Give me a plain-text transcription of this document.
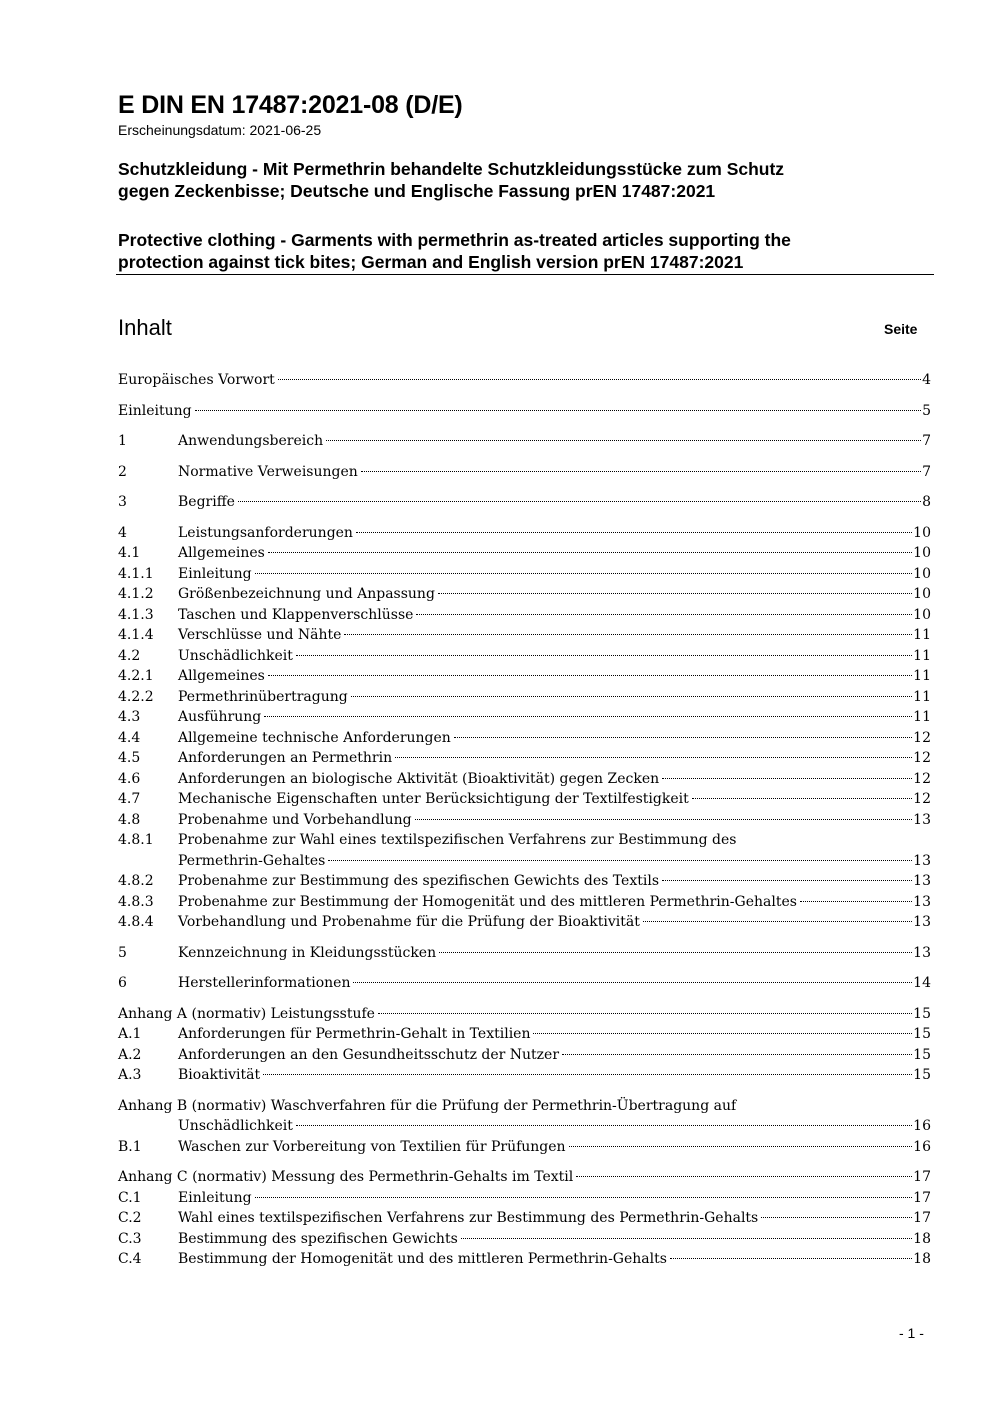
E DIN EN 17487:2021-08 (D/E)
Erscheinungsdatum: 2021-06-25
Schutzkleidung - Mit Permethrin behandelte Schutzkleidungsstücke zum Schutz
gegen Zeckenbisse; Deutsche und Englische Fassung prEN 17487:2021
Protective clothing - Garments with permethrin as-treated articles supporting the
protection against tick bites; German and English version prEN 17487:2021
Inhalt	Seite
Europäisches Vorwort	4
Einleitung	5
1	Anwendungsbereich	7
2	Normative Verweisungen	7
3	Begriffe	8
4	Leistungsanforderungen	10
4.1	Allgemeines	10
4.1.1	Einleitung	10
4.1.2	Größenbezeichnung und Anpassung	10
4.1.3	Taschen und Klappenverschlüsse	10
4.1.4	Verschlüsse und Nähte	11
4.2	Unschädlichkeit	11
4.2.1	Allgemeines	11
4.2.2	Permethrinübertragung	11
4.3	Ausführung	11
4.4	Allgemeine technische Anforderungen	12
4.5	Anforderungen an Permethrin	12
4.6	Anforderungen an biologische Aktivität (Bioaktivität) gegen Zecken	12
4.7	Mechanische Eigenschaften unter Berücksichtigung der Textilfestigkeit	12
4.8	Probenahme und Vorbehandlung	13
4.8.1	Probenahme zur Wahl eines textilspezifischen Verfahrens zur Bestimmung des
Permethrin-Gehaltes	13
4.8.2	Probenahme zur Bestimmung des spezifischen Gewichts des Textils	13
4.8.3	Probenahme zur Bestimmung der Homogenität und des mittleren Permethrin-Gehaltes	13
4.8.4	Vorbehandlung und Probenahme für die Prüfung der Bioaktivität	13
5	Kennzeichnung in Kleidungsstücken	13
6	Herstellerinformationen	14
Anhang A (normativ) Leistungsstufe	15
A.1	Anforderungen für Permethrin-Gehalt in Textilien	15
A.2	Anforderungen an den Gesundheitsschutz der Nutzer	15
A.3	Bioaktivität	15
Anhang B (normativ) Waschverfahren für die Prüfung der Permethrin-Übertragung auf
Unschädlichkeit	16
B.1	Waschen zur Vorbereitung von Textilien für Prüfungen	16
Anhang C (normativ) Messung des Permethrin-Gehalts im Textil	17
C.1	Einleitung	17
C.2	Wahl eines textilspezifischen Verfahrens zur Bestimmung des Permethrin-Gehalts	17
C.3	Bestimmung des spezifischen Gewichts	18
C.4	Bestimmung der Homogenität und des mittleren Permethrin-Gehalts	18
- 1 -
